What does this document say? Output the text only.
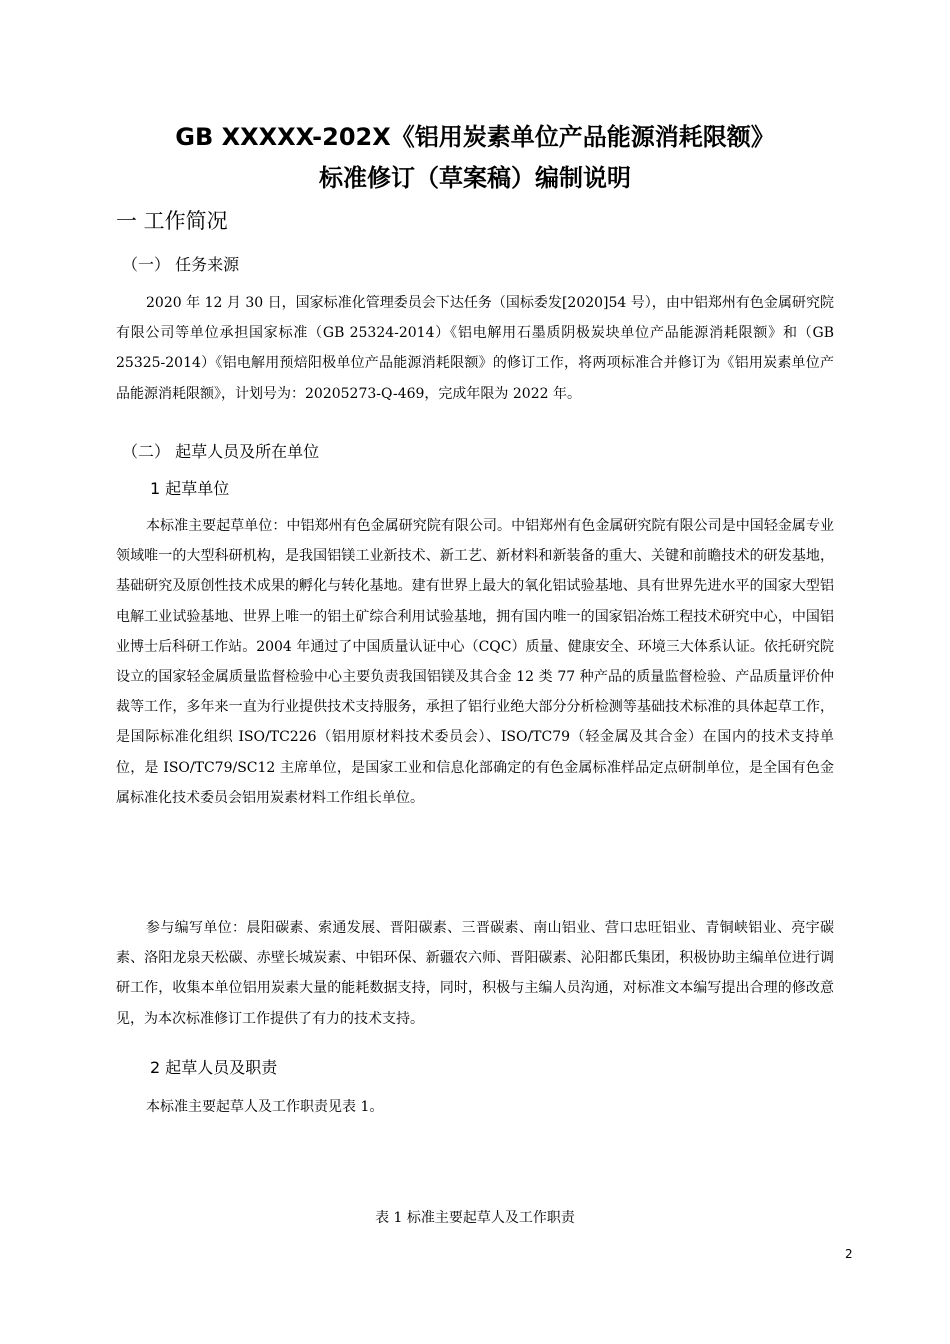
GB XXXXX-202X《铝用炭素单位产品能源消耗限额》
标准修订（草案稿）编制说明
一 工作简况
（一） 任务来源

2020 年 12 月 30 日，国家标准化管理委员会下达任务（国标委发[2020]54 号），由中铝郑州有色金属研究院有限公司等单位承担国家标准（GB 25324-2014）《铝电解用石墨质阴极炭块单位产品能源消耗限额》和（GB 25325-2014）《铝电解用预焙阳极单位产品能源消耗限额》的修订工作，将两项标准合并修订为《铝用炭素单位产品能源消耗限额》，计划号为：20205273-Q-469，完成年限为 2022 年。

（二） 起草人员及所在单位
1 起草单位

本标准主要起草单位：中铝郑州有色金属研究院有限公司。中铝郑州有色金属研究院有限公司是中国轻金属专业领域唯一的大型科研机构，是我国铝镁工业新技术、新工艺、新材料和新装备的重大、关键和前瞻技术的研发基地，基础研究及原创性技术成果的孵化与转化基地。建有世界上最大的氧化铝试验基地、具有世界先进水平的国家大型铝电解工业试验基地、世界上唯一的铝土矿综合利用试验基地，拥有国内唯一的国家铝冶炼工程技术研究中心，中国铝业博士后科研工作站。2004 年通过了中国质量认证中心（CQC）质量、健康安全、环境三大体系认证。依托研究院设立的国家轻金属质量监督检验中心主要负责我国铝镁及其合金 12 类 77 种产品的质量监督检验、产品质量评价仲裁等工作，多年来一直为行业提供技术支持服务，承担了铝行业绝大部分分析检测等基础技术标准的具体起草工作，是国际标准化组织 ISO/TC226（铝用原材料技术委员会）、ISO/TC79（轻金属及其合金）在国内的技术支持单位，是 ISO/TC79/SC12 主席单位，是国家工业和信息化部确定的有色金属标准样品定点研制单位，是全国有色金属标准化技术委员会铝用炭素材料工作组长单位。

参与编写单位：晨阳碳素、索通发展、晋阳碳素、三晋碳素、南山铝业、营口忠旺铝业、青铜峡铝业、亮宇碳素、洛阳龙泉天松碳、赤壁长城炭素、中铝环保、新疆农六师、晋阳碳素、沁阳都氏集团，积极协助主编单位进行调研工作，收集本单位铝用炭素大量的能耗数据支持，同时，积极与主编人员沟通，对标准文本编写提出合理的修改意见，为本次标准修订工作提供了有力的技术支持。

2 起草人员及职责
本标准主要起草人及工作职责见表 1。
表 1 标准主要起草人及工作职责
2
